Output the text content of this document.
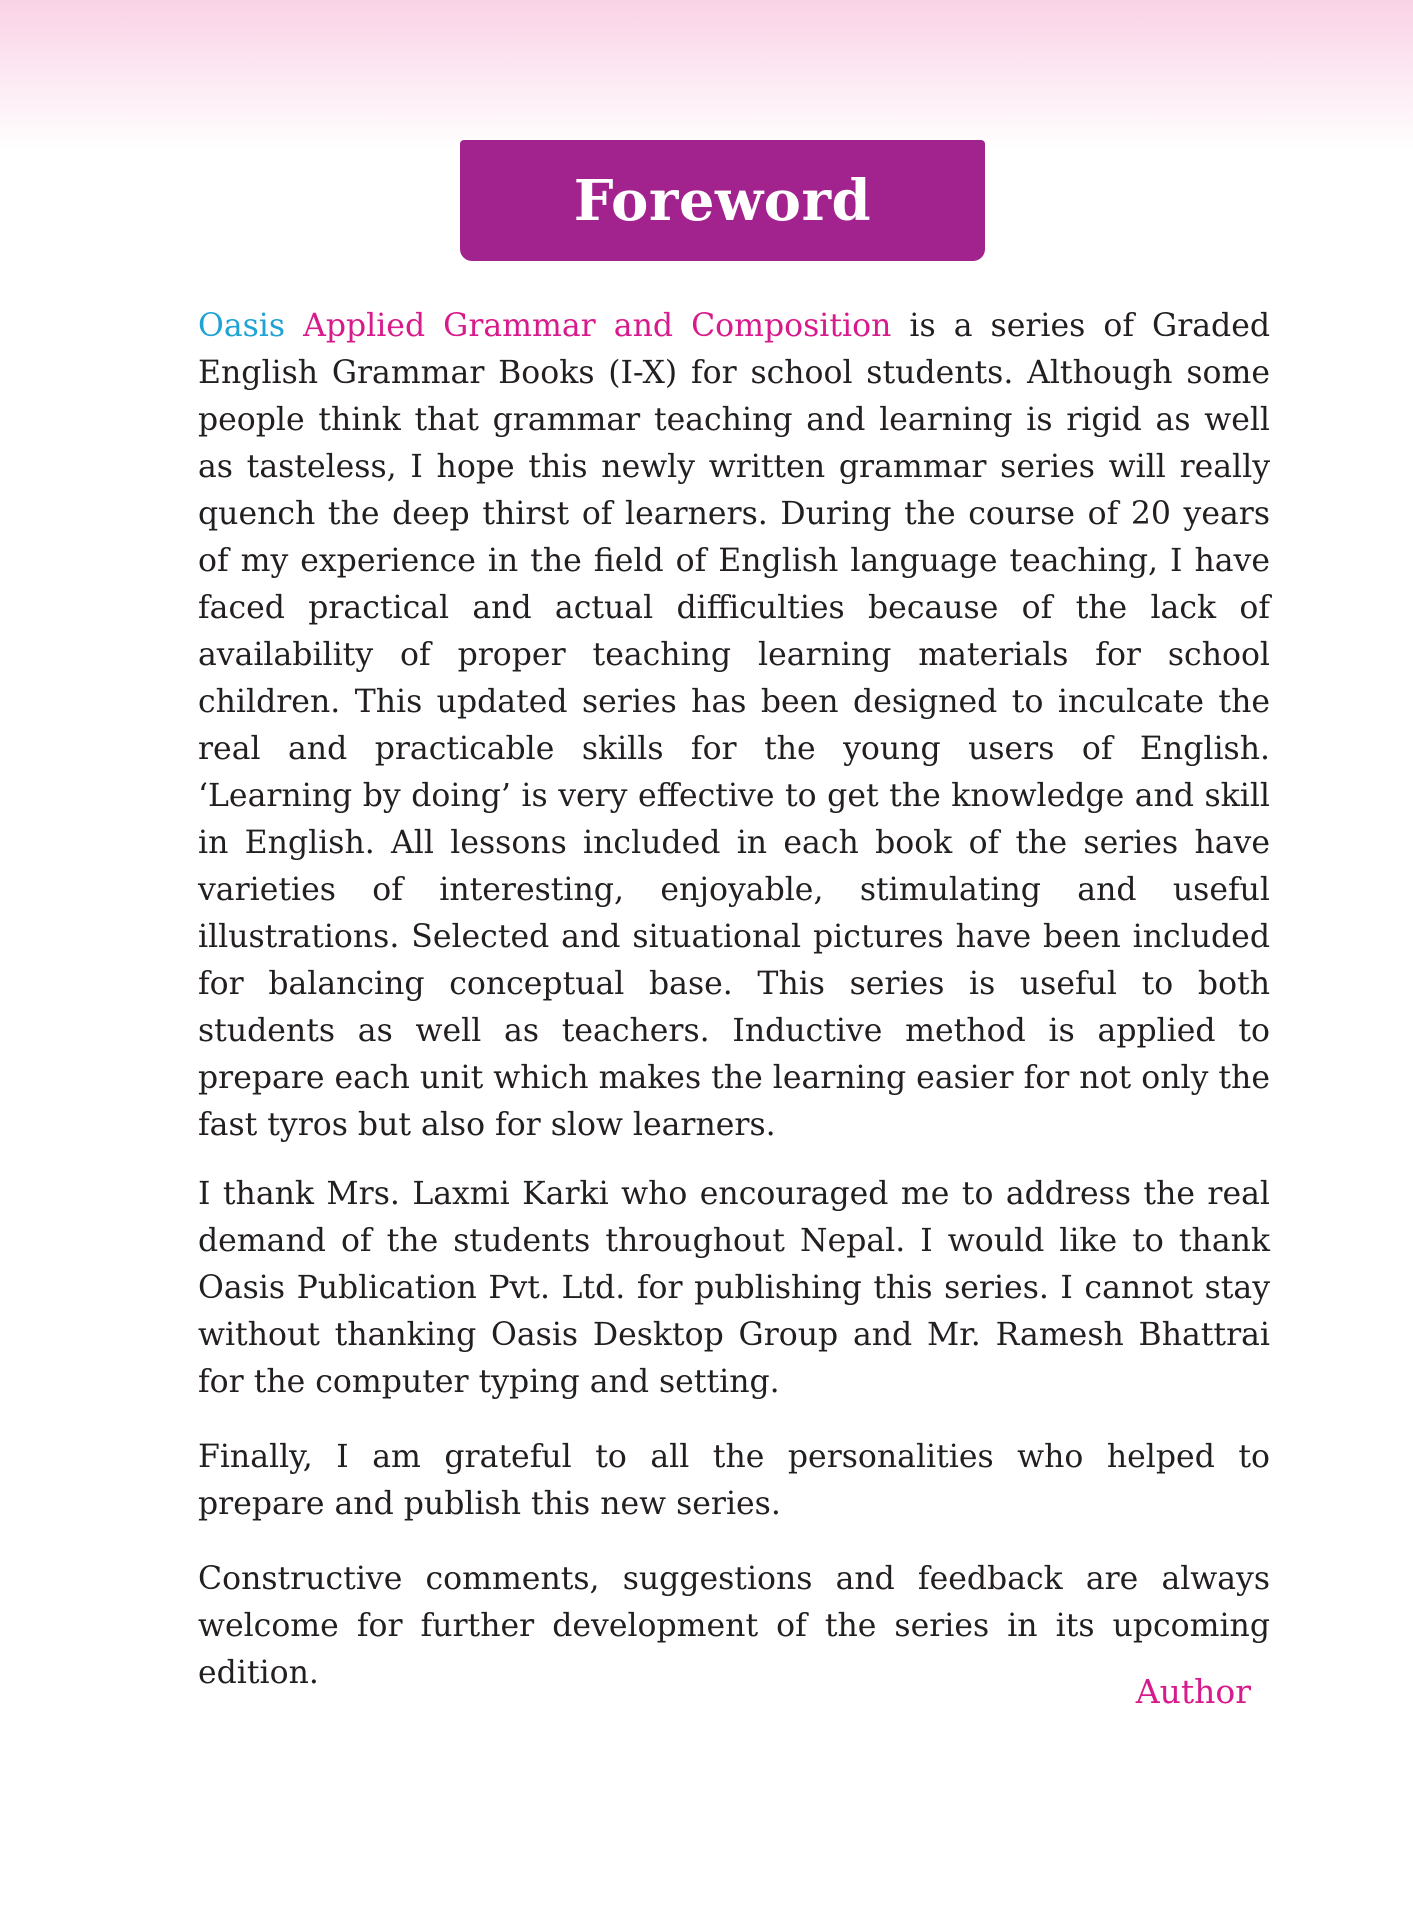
Foreword

Oasis Applied Grammar and Composition is a series of Graded English Grammar Books (I-X) for school students. Although some people think that grammar teaching and learning is rigid as well as tasteless, I hope this newly written grammar series will really quench the deep thirst of learners. During the course of 20 years of my experience in the field of English language teaching, I have faced practical and actual difficulties because of the lack of availability of proper teaching learning materials for school children. This updated series has been designed to inculcate the real and practicable skills for the young users of English. ‘Learning by doing’ is very effective to get the knowledge and skill in English. All lessons included in each book of the series have varieties of interesting, enjoyable, stimulating and useful illustrations. Selected and situational pictures have been included for balancing conceptual base. This series is useful to both students as well as teachers. Inductive method is applied to prepare each unit which makes the learning easier for not only the fast tyros but also for slow learners.

I thank Mrs. Laxmi Karki who encouraged me to address the real demand of the students throughout Nepal. I would like to thank Oasis Publication Pvt. Ltd. for publishing this series. I cannot stay without thanking Oasis Desktop Group and Mr. Ramesh Bhattrai for the computer typing and setting.

Finally, I am grateful to all the personalities who helped to prepare and publish this new series.

Constructive comments, suggestions and feedback are always welcome for further development of the series in its upcoming edition.	Author
